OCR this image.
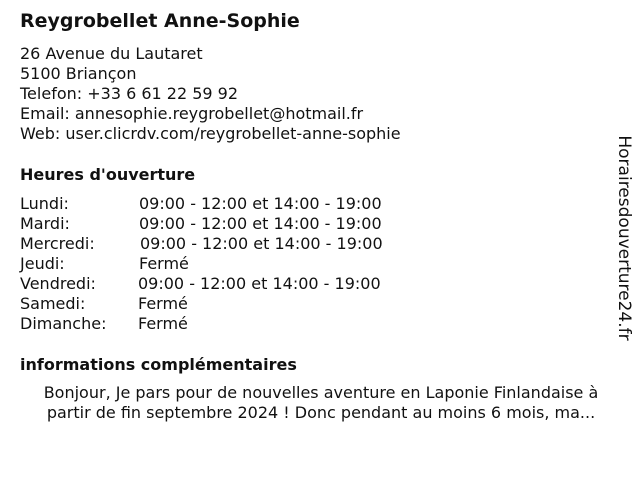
Reygrobellet Anne-Sophie
26 Avenue du Lautaret
5100 Briançon
Telefon: +33 6 61 22 59 92
Email: annesophie.reygrobellet@hotmail.fr
Web: user.clicrdv.com/reygrobellet-anne-sophie
Heures d'ouverture
Lundi:	09:00 - 12:00 et 14:00 - 19:00
Mardi:	09:00 - 12:00 et 14:00 - 19:00
Mercredi:	09:00 - 12:00 et 14:00 - 19:00
Jeudi:	Fermé
Vendredi:	09:00 - 12:00 et 14:00 - 19:00
Samedi:	Fermé
Dimanche: Fermé
informations complémentaires
Bonjour, Je pars pour de nouvelles aventure en Laponie Finlandaise à
partir de fin septembre 2024 ! Donc pendant au moins 6 mois, ma...
Horairesdouverture24.fr
